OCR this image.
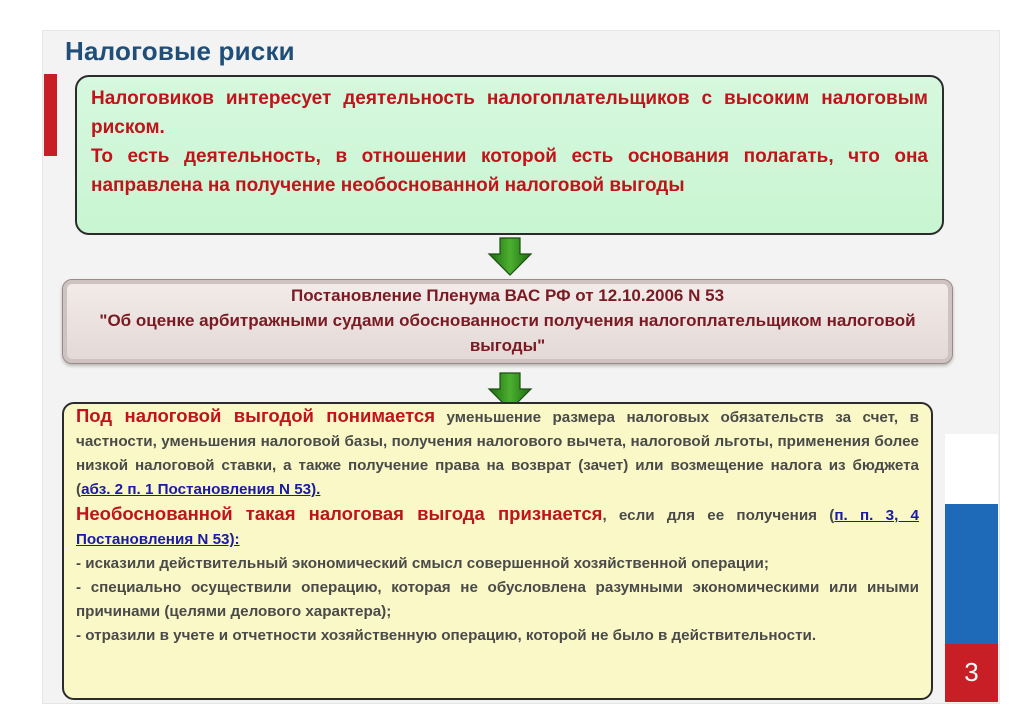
3
Налоговые риски

Налоговиков интересует деятельность налогоплательщиков с высоким налоговым риском.

То есть деятельность, в отношении которой есть основания полагать, что она направлена на получение необоснованной налоговой выгоды

Постановление Пленума ВАС РФ от 12.10.2006 N 53
"Об оценке арбитражными судами обоснованности получения налогоплательщиком налоговой выгоды"

Под налоговой выгодой понимается уменьшение размера налоговых обязательств за счет, в частности, уменьшения налоговой базы, получения налогового вычета, налоговой льготы, применения более низкой налоговой ставки, а также получение права на возврат (зачет) или возмещение налога из бюджета (абз. 2 п. 1 Постановления N 53).

Необоснованной такая налоговая выгода признается, если для ее получения (п. п. 3, 4 Постановления N 53):

- исказили действительный экономический смысл совершенной хозяйственной операции;

- специально осуществили операцию, которая не обусловлена разумными экономическими или иными причинами (целями делового характера);

- отразили в учете и отчетности хозяйственную операцию, которой не было в действительности.
